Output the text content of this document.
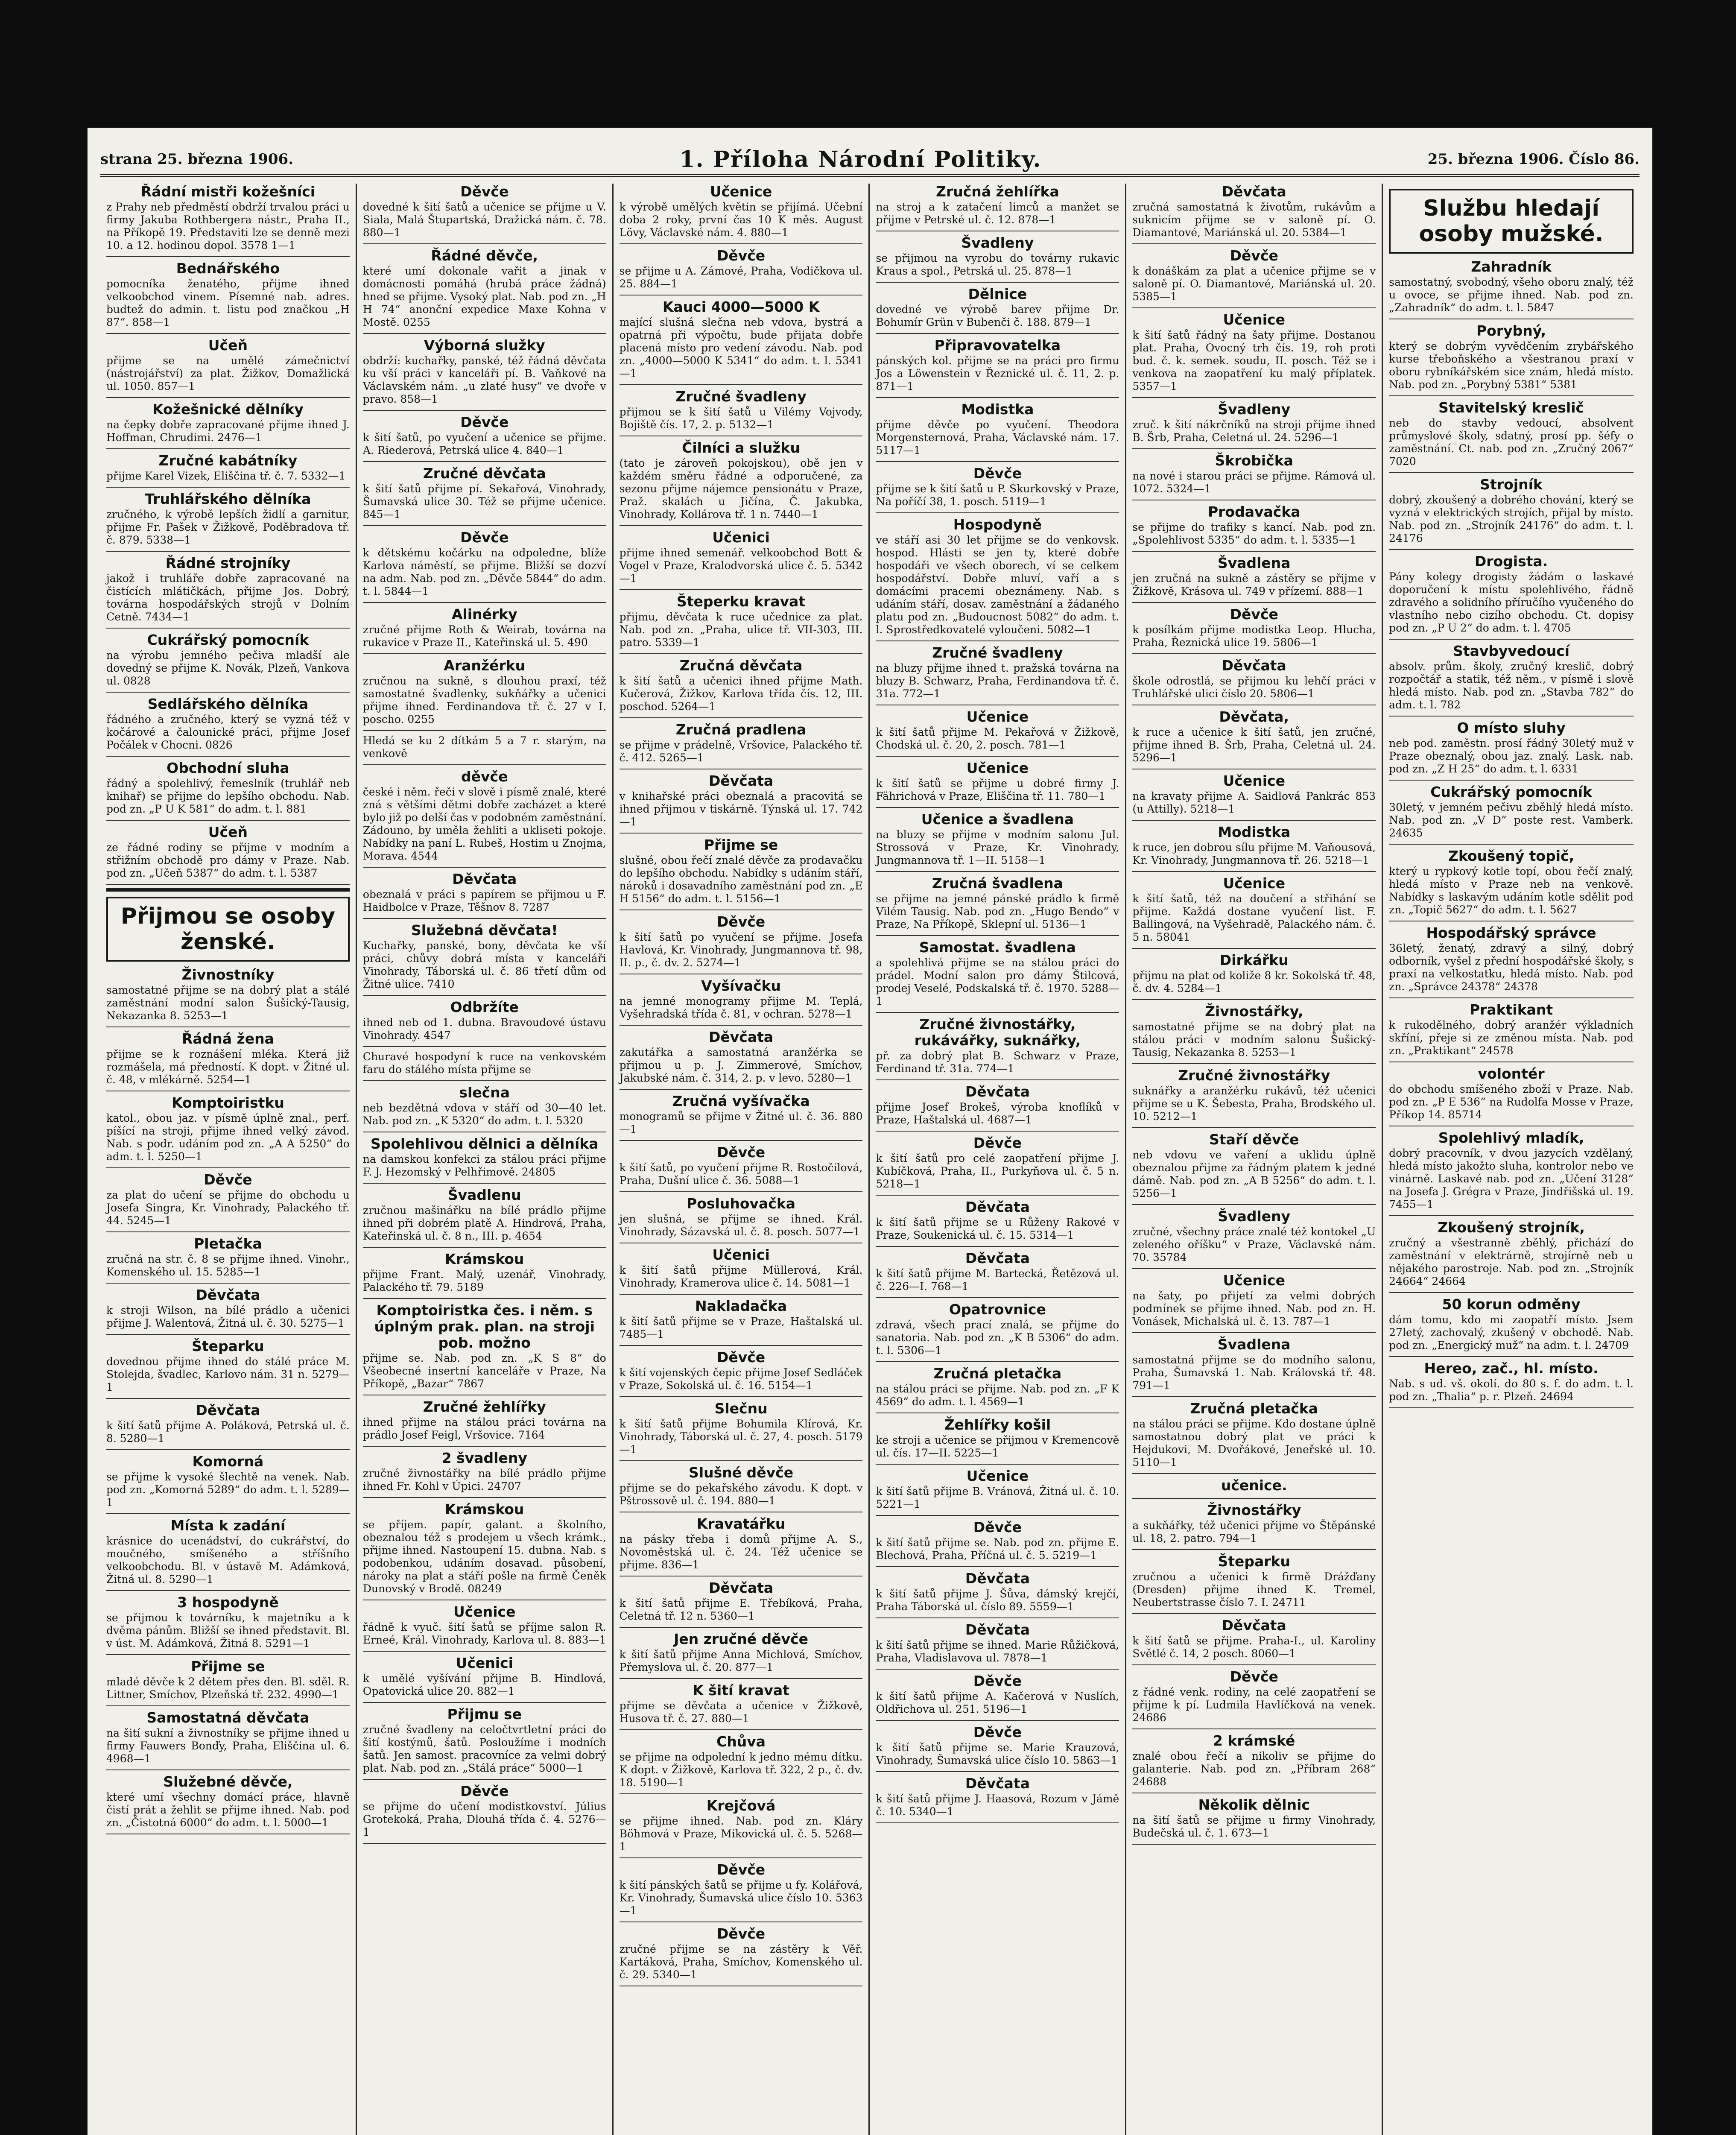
strana 25. března 1906.	1. Příloha Národní Politiky.	25. března 1906. Číslo 86.
Řádní mistři kožešníci

z Prahy neb předměstí obdrží trvalou práci u firmy Jakuba Rothbergera nástr., Praha II., na Příkopě 19. Představiti lze se denně mezi 10. a 12. hodinou dopol. 3578 1—1

Bednářského

pomocníka ženatého, přijme ihned velkoobchod vinem. Písemné nab. adres. budtež do admin. t. listu pod značkou „H 87“. 858—1

Učeň

přijme se na umělé zámečnictví (nástrojářství) za plat. Žižkov, Domažlická ul. 1050. 857—1

Kožešnické dělníky

na čepky dobře zapracované přijme ihned J. Hoffman, Chrudimi. 2476—1

Zručné kabátníky

přijme Karel Vizek, Eliščina tř. č. 7. 5332—1

Truhlářského dělníka

zručného, k výrobě lepších židlí a garnitur, přijme Fr. Pašek v Žižkově, Poděbradova tř. č. 879. 5338—1

Řádné strojníky

jakož i truhláře dobře zapracované na čistících mlátičkách, přijme Jos. Dobrý, továrna hospodářských strojů v Dolním Cetně. 7434—1

Cukrářský pomocník

na výrobu jemného pečiva mladší ale dovedný se přijme K. Novák, Plzeň, Vankova ul. 0828

Sedlářského dělníka

řádného a zručného, který se vyzná též v kočárové a čalounické práci, přijme Josef Počálek v Chocni. 0826

Obchodní sluha

řádný a spolehlivý, řemeslník (truhlář neb knihař) se přijme do lepšího obchodu. Nab. pod zn. „P U K 581“ do adm. t. l. 881

Učeň

ze řádné rodiny se přijme v modním a střižním obchodě pro dámy v Praze. Nab. pod zn. „Učeň 5387“ do adm. t. l. 5387

Přijmou se osoby ženské.
Živnostníky

samostatné přijme se na dobrý plat a stálé zaměstnání modní salon Šušický-Tausig, Nekazanka 8. 5253—1

Řádná žena

přijme se k roznášení mléka. Která již rozmášela, má předností. K dopt. v Žitné ul. č. 48, v mlékárně. 5254—1

Komptoiristku

katol., obou jaz. v písmě úplně znal., perf. píšící na stroji, přijme ihned velký závod. Nab. s podr. udáním pod zn. „A A 5250“ do adm. t. l. 5250—1

Děvče

za plat do učení se přijme do obchodu u Josefa Singra, Kr. Vinohrady, Palackého tř. 44. 5245—1

Pletačka

zručná na str. č. 8 se přijme ihned. Vinohr., Komenského ul. 15. 5285—1

Děvčata

k stroji Wilson, na bílé prádlo a učenici přijme J. Walentová, Žitná ul. č. 30. 5275—1

Šteparku

dovednou přijme ihned do stálé práce M. Stolejda, švadlec, Karlovo nám. 31 n. 5279—1

Děvčata

k šití šatů přijme A. Poláková, Petrská ul. č. 8. 5280—1

Komorná

se přijme k vysoké šlechtě na venek. Nab. pod zn. „Komorná 5289“ do adm. t. l. 5289—1

Místa k zadání

krásnice do ucenádství, do cukrářství, do moučného, smíšeného a stříšního velkoobchodu. Bl. v ústavě M. Adámková, Žitná ul. 8. 5290—1

3 hospodyně

se přijmou k továrníku, k majetníku a k dvěma pánům. Bližší se ihned představit. Bl. v úst. M. Adámková, Žitná 8. 5291—1

Přijme se

mladé děvče k 2 dětem přes den. Bl. sděl. R. Littner, Smíchov, Plzeňská tř. 232. 4990—1

Samostatná děvčata

na šití sukní a živnostníky se přijme ihned u firmy Fauwers Bonďy, Praha, Eliščina ul. 6. 4968—1

Služebné děvče,

které umí všechny domácí práce, hlavně čistí prát a žehlit se přijme ihned. Nab. pod zn. „Čistotná 6000“ do adm. t. l. 5000—1

Děvče

dovedné k šití šatů a učenice se přijme u V. Siala, Malá Štupartská, Dražická nám. č. 78. 880—1

Řádné děvče,

které umí dokonale vařit a jinak v domácnosti pomáhá (hrubá práce žádná) hned se přijme. Vysoký plat. Nab. pod zn. „H H 74“ anonční expedice Maxe Kohna v Mostě. 0255

Výborná služky

obdrží: kuchařky, panské, též řádná děvčata ku vší práci v kanceláři pí. B. Vaňkové na Václavském nám. „u zlaté husy“ ve dvoře v pravo. 858—1

Děvče

k šití šatů, po vyučení a učenice se přijme. A. Riederová, Petrská ulice 4. 840—1

Zručné děvčata

k šití šatů přijme pí. Sekařová, Vinohrady, Šumavská ulice 30. Též se přijme učenice. 845—1

Děvče

k dětskému kočárku na odpoledne, blíže Karlova náměstí, se přijme. Bližší se dozví na adm. Nab. pod zn. „Děvče 5844“ do adm. t. l. 5844—1

Alinérky

zručné přijme Roth & Weirab, továrna na rukavice v Praze II., Kateřinská ul. 5. 490

Aranžérku

zručnou na sukně, s dlouhou praxí, též samostatné švadlenky, sukňářky a učenici přijme ihned. Ferdinandova tř. č. 27 v I. poscho. 0255

Hledá se ku 2 dítkám 5 a 7 r. starým, na venkově

děvče

české i něm. řeči v slově i písmě znalé, které zná s většími dětmi dobře zacházet a které bylo již po delší čas v podobném zaměstnání. Zádouno, by uměla žehliti a ukliseti pokoje. Nabídky na paní L. Rubeš, Hostim u Znojma, Morava. 4544

Děvčata

obeznalá v práci s papírem se přijmou u F. Haidbolce v Praze, Těšnov 8. 7287

Služebná děvčata!

Kuchařky, panské, bony, děvčata ke vší práci, chůvy dobrá místa v kanceláři Vinohrady, Táborská ul. č. 86 třetí dům od Žitné ulice. 7410

Odbržíte

ihned neb od 1. dubna. Bravoudové ústavu Vinohrady. 4547

Churavé hospodyní k ruce na venkovském faru do stálého místa přijme se

slečna

neb bezdětná vdova v stáří od 30—40 let. Nab. pod zn. „K 5320“ do adm. t. l. 5320

Spolehlivou dělnici a dělníka

na damskou konfekci za stálou práci přijme F. J. Hezomský v Pelhřimově. 24805

Švadlenu

zručnou mašinářku na bílé prádlo přijme ihned při dobrém platě A. Hindrová, Praha, Kateřinská ul. č. 8 n., III. p. 4654

Krámskou

přijme Frant. Malý, uzenář, Vinohrady, Palackého tř. 79. 5189

Komptoiristka čes. i něm. s úplným prak. plan. na stroji pob. možno

přijme se. Nab. pod zn. „K S 8“ do Všeobecné insertní kanceláře v Praze, Na Příkopě, „Bazar“ 7867

Zručné žehlířky

ihned přijme na stálou práci továrna na prádlo Josef Feigl, Vršovice. 7164

2 švadleny

zručné živnostářky na bílé prádlo přijme ihned Fr. Kohl v Úpici. 24707

Krámskou

se příjem. papír, galant. a školního, obeznalou též s prodejem u všech krámk., přijme ihned. Nastoupení 15. dubna. Nab. s podobenkou, udáním dosavad. působení, nároky na plat a stáří pošle na firmě Čeněk Dunovský v Brodě. 08249

Učenice

řádně k vyuč. šití šatů se příjme salon R. Erneé, Král. Vinohrady, Karlova ul. 8. 883—1

Učenici

k umělé vyšívání přijme B. Hindlová, Opatovická ulice 20. 882—1

Přijmu se

zručné švadleny na celočtvrtletní práci do šití kostýmů, šatů. Posloužíme i modních šatů. Jen samost. pracovníce za velmi dobrý plat. Nab. pod zn. „Stálá práce“ 5000—1

Děvče

se přijme do učení modistkovství. Július Grotekoká, Praha, Dlouhá třída č. 4. 5276—1

Učenice

k výrobě umělých květin se přijímá. Učební doba 2 roky, první čas 10 K měs. August Lövy, Václavské nám. 4. 880—1

Děvče

se přijme u A. Zámové, Praha, Vodičkova ul. 25. 884—1

Kauci 4000—5000 K

mající slušná slečna neb vdova, bystrá a opatrná při výpočtu, bude přijata dobře placená místo pro vedení závodu. Nab. pod zn. „4000—5000 K 5341“ do adm. t. l. 5341—1

Zručné švadleny

přijmou se k šití šatů u Vilémy Vojvody, Bojiště čís. 17, 2. p. 5132—1

Čilníci a služku

(tato je zároveň pokojskou), obě jen v každém směru řádné a odporučené, za sezonu přijme nájemce pensionátu v Praze, Praž. skalách u Jičína, Č. Jakubka, Vinohrady, Kollárova tř. 1 n. 7440—1

Učenici

přijme ihned semenář. velkoobchod Bott & Vogel v Praze, Kralodvorská ulice č. 5. 5342—1

Šteperku kravat

přijmu, děvčata k ruce učednice za plat. Nab. pod zn. „Praha, ulice tř. VII-303, III. patro. 5339—1

Zručná děvčata

k šití šatů a učenici ihned přijme Math. Kučerová, Žižkov, Karlova třída čís. 12, III. poschod. 5264—1

Zručná pradlena

se přijme v prádelně, Vršovice, Palackého tř. č. 412. 5265—1

Děvčata

v knihařské práci obeznalá a pracovitá se ihned přijmou v tiskárně. Týnská ul. 17. 742—1

Přijme se

slušné, obou řečí znalé děvče za prodavačku do lepšího obchodu. Nabídky s udáním stáří, nároků i dosavadního zaměstnání pod zn. „E H 5156“ do adm. t. l. 5156—1

Děvče

k šití šatů po vyučení se přijme. Josefa Havlová, Kr. Vinohrady, Jungmannova tř. 98, II. p., č. dv. 2. 5274—1

Vyšívačku

na jemné monogramy přijme M. Teplá, Vyšehradská třída č. 81, v ochran. 5278—1

Děvčata

zakutářka a samostatná aranžérka se přijmou u p. J. Zimmerové, Smíchov, Jakubské nám. č. 314, 2. p. v levo. 5280—1

Zručná vyšívačka

monogramů se přijme v Žitné ul. č. 36. 880—1

Děvče

k šití šatů, po vyučení přijme R. Rostočilová, Praha, Dušní ulice č. 36. 5088—1

Posluhovačka

jen slušná, se přijme se ihned. Král. Vinohrady, Sázavská ul. č. 8. posch. 5077—1

Učenici

k šití šatů přijme Müllerová, Král. Vinohrady, Kramerova ulice č. 14. 5081—1

Nakladačka

k šití šatů přijme se v Praze, Haštalská ul. 7485—1

Děvče

k šití vojenských čepic přijme Josef Sedláček v Praze, Sokolská ul. č. 16. 5154—1

Slečnu

k šití šatů přijme Bohumila Klírová, Kr. Vinohrady, Táborská ul. č. 27, 4. posch. 5179—1

Slušné děvče

přijme se do pekařského závodu. K dopt. v Pštrossově ul. č. 194. 880—1

Kravatářku

na pásky třeba i domů přijme A. S., Novoměstská ul. č. 24. Též učenice se přijme. 836—1

Děvčata

k šití šatů přijme E. Třebíková, Praha, Celetná tř. 12 n. 5360—1

Jen zručné děvče

k šití šatů přijme Anna Michlová, Smíchov, Přemyslova ul. č. 20. 877—1

K šití kravat

přijme se děvčata a učenice v Žižkově, Husova tř. č. 27. 880—1

Chůva

se přijme na odpolední k jedno mému dítku. K dopt. v Žižkově, Karlova tř. 322, 2 p., č. dv. 18. 5190—1

Krejčová

se přijme ihned. Nab. pod zn. Kláry Böhmová v Praze, Mikovická ul. č. 5. 5268—1

Děvče

k šití pánských šatů se přijme u fy. Kolářová, Kr. Vinohrady, Šumavská ulice číslo 10. 5363—1

Děvče

zručné přijme se na zástěry k Věř. Kartáková, Praha, Smíchov, Komenského ul. č. 29. 5340—1

Zručná žehlířka

na stroj a k zatačení limců a manžet se přijme v Petrské ul. č. 12. 878—1

Švadleny

se přijmou na vyrobu do továrny rukavic Kraus a spol., Petrská ul. 25. 878—1

Dělnice

dovedné ve výrobě barev přijme Dr. Bohumír Grün v Bubenči č. 188. 879—1

Připravovatelka

pánských kol. přijme se na práci pro firmu Jos a Löwenstein v Řeznické ul. č. 11, 2. p. 871—1

Modistka

přijme děvče po vyučení. Theodora Morgensternová, Praha, Václavské nám. 17. 5117—1

Děvče

přijme se k šití šatů u P. Skurkovský v Praze, Na poříčí 38, 1. posch. 5119—1

Hospodyně

ve stáří asi 30 let přijme se do venkovsk. hospod. Hlásti se jen ty, které dobře hospodáři ve všech oborech, ví se celkem hospodářství. Dobře mluví, vaří a s domácími pracemi obeznámeny. Nab. s udáním stáří, dosav. zaměstnání a žádaného platu pod zn. „Budoucnost 5082“ do adm. t. l. Sprostředkovatelé vyloučeni. 5082—1

Zručné švadleny

na bluzy přijme ihned t. pražská továrna na bluzy B. Schwarz, Praha, Ferdinandova tř. č. 31a. 772—1

Učenice

k šití šatů přijme M. Pekařová v Žižkově, Chodská ul. č. 20, 2. posch. 781—1

Učenice

k šití šatů se přijme u dobré firmy J. Fährichová v Praze, Eliščina tř. 11. 780—1

Učenice a švadlena

na bluzy se přijme v modním salonu Jul. Strossová v Praze, Kr. Vinohrady, Jungmannova tř. 1—II. 5158—1

Zručná švadlena

se přijme na jemné pánské prádlo k firmě Vilém Tausig. Nab. pod zn. „Hugo Bendo“ v Praze, Na Příkopě, Sklepní ul. 5136—1

Samostat. švadlena

a spolehlivá přijme se na stálou práci do prádel. Modní salon pro dámy Štilcová, prodej Veselé, Podskalská tř. č. 1970. 5288—1

Zručné živnostářky, rukávářky, suknářky,

př. za dobrý plat B. Schwarz v Praze, Ferdinand tř. 31a. 774—1

Děvčata

přijme Josef Brokeš, výroba knoflíků v Praze, Haštalská ul. 4687—1

Děvče

k šití šatů pro celé zaopatření přijme J. Kubíčková, Praha, II., Purkyňova ul. č. 5 n. 5218—1

Děvčata

k šití šatů přijme se u Růženy Rakové v Praze, Soukenická ul. č. 15. 5314—1

Děvčata

k šití šatů přijme M. Bartecká, Řetězová ul. č. 226—I. 768—1

Opatrovnice

zdravá, všech prací znalá, se přijme do sanatoria. Nab. pod zn. „K B 5306“ do adm. t. l. 5306—1

Zručná pletačka

na stálou práci se přijme. Nab. pod zn. „F K 4569“ do adm. t. l. 4569—1

Žehlířky košil

ke stroji a učenice se přijmou v Kremencově ul. čís. 17—II. 5225—1

Učenice

k šití šatů přijme B. Vránová, Žitná ul. č. 10. 5221—1

Děvče

k šití šatů přijme se. Nab. pod zn. přijme E. Blechová, Praha, Příčná ul. č. 5. 5219—1

Děvčata

k šití šatů přijme J. Šůva, dámský krejčí, Praha Táborská ul. číslo 89. 5559—1

Děvčata

k šití šatů přijme se ihned. Marie Růžičková, Praha, Vladislavova ul. 7878—1

Děvče

k šití šatů přijme A. Kačerová v Nuslích, Oldřichova ul. 251. 5196—1

Děvče

k šití šatů přijme se. Marie Krauzová, Vinohrady, Šumavská ulice číslo 10. 5863—1

Děvčata

k šití šatů přijme J. Haasová, Rozum v Jámě č. 10. 5340—1

Děvčata

zručná samostatná k životům, rukávům a suknicím přijme se v saloně pí. O. Diamantové, Mariánská ul. 20. 5384—1

Děvče

k donáškám za plat a učenice přijme se v saloně pí. O. Diamantové, Mariánská ul. 20. 5385—1

Učenice

k šití šatů řádný na šaty přijme. Dostanou plat. Praha, Ovocný trh čís. 19, roh proti bud. č. k. semek. soudu, II. posch. Též se i venkova na zaopatření ku malý příplatek. 5357—1

Švadleny

zruč. k šití nákrčníků na stroji přijme ihned B. Šrb, Praha, Celetná ul. 24. 5296—1

Škrobička

na nové i starou práci se přijme. Rámová ul. 1072. 5324—1

Prodavačka

se přijme do trafiky s kancí. Nab. pod zn. „Spolehlivost 5335“ do adm. t. l. 5335—1

Švadlena

jen zručná na sukně a zástěry se přijme v Žižkově, Krásova ul. 749 v přízemí. 888—1

Děvče

k posílkám přijme modistka Leop. Hlucha, Praha, Řeznická ulice 19. 5806—1

Děvčata

škole odrostlá, se přijmou ku lehčí práci v Truhlářské ulici číslo 20. 5806—1

Děvčata,

k ruce a učenice k šití šatů, jen zručné, přijme ihned B. Šrb, Praha, Celetná ul. 24. 5296—1

Učenice

na kravaty přijme A. Saidlová Pankrác 853 (u Attilly). 5218—1

Modistka

k ruce, jen dobrou sílu přijme M. Vaňousová, Kr. Vinohrady, Jungmannova tř. 26. 5218—1

Učenice

k šití šatů, též na doučení a střihání se přijme. Každá dostane vyučení list. F. Ballingová, na Vyšehradě, Palackého nám. č. 5 n. 58041

Dirkářku

přijmu na plat od koliže 8 kr. Sokolská tř. 48, č. dv. 4. 5284—1

Živnostářky,

samostatné přijme se na dobrý plat na stálou práci v modním salonu Šušický-Tausig, Nekazanka 8. 5253—1

Zručné živnostářky

suknářky a aranžérku rukávů, též učenici přijme se u K. Šebesta, Praha, Brodského ul. 10. 5212—1

Staří děvče

neb vdovu ve vaření a uklidu úplně obeznalou přijme za řádným platem k jedné dámě. Nab. pod zn. „A B 5256“ do adm. t. l. 5256—1

Švadleny

zručné, všechny práce znalé též kontokel „U zeleného oříšku“ v Praze, Václavské nám. 70. 35784

Učenice

na šaty, po přijetí za velmi dobrých podmínek se přijme ihned. Nab. pod zn. H. Vonásek, Michalská ul. č. 13. 787—1

Švadlena

samostatná přijme se do modního salonu, Praha, Šumavská 1. Nab. Královská tř. 48. 791—1

Zručná pletačka

na stálou práci se přijme. Kdo dostane úplně samostatnou dobrý plat ve práci k Hejdukovi, M. Dvořákové, Jeneřské ul. 10. 5110—1

učenice.
Živnostářky

a sukňářky, též učenici přijme vo Štěpánské ul. 18, 2. patro. 794—1

Šteparku

zručnou a učenici k firmě Drážďany (Dresden) přijme ihned K. Tremel, Neubertstrasse číslo 7. I. 24711

Děvčata

k šití šatů se přijme. Praha-I., ul. Karoliny Světlé č. 14, 2 posch. 8060—1

Děvče

z řádné venk. rodiny, na celé zaopatření se přijme k pí. Ludmila Havlíčková na venek. 24686

2 krámské

znalé obou řečí a nikoliv se přijme do galanterie. Nab. pod zn. „Příbram 268“ 24688

Několik dělnic

na šití šatů se přijme u firmy Vinohrady, Budečská ul. č. 1. 673—1

Službu hledají osoby mužské.
Zahradník

samostatný, svobodný, všeho oboru znalý, též u ovoce, se přijme ihned. Nab. pod zn. „Zahradník“ do adm. t. l. 5847

Porybný,

který se dobrým vyvědčením zrybářského kurse třeboňského a všestranou praxí v oboru rybníkářském sice znám, hledá místo. Nab. pod zn. „Porybný 5381“ 5381

Stavitelský kreslič

neb do stavby vedoucí, absolvent průmyslové školy, sdatný, prosí pp. šéfy o zaměstnání. Ct. nab. pod zn. „Zručný 2067“ 7020

Strojník

dobrý, zkoušený a dobrého chování, který se vyzná v elektrických strojích, přijal by místo. Nab. pod zn. „Strojník 24176“ do adm. t. l. 24176

Drogista.

Pány kolegy drogisty žádám o laskavé doporučení k místu spolehlivého, řádně zdravého a solidního příručího vyučeného do vlastního nebo cizího obchodu. Ct. dopisy pod zn. „P U 2“ do adm. t. l. 4705

Stavbyvedoucí

absolv. prům. školy, zručný kreslič, dobrý rozpočtář a statik, též něm., v písmě i slově hledá místo. Nab. pod zn. „Stavba 782“ do adm. t. l. 782

O místo sluhy

neb pod. zaměstn. prosí řádný 30letý muž v Praze obeznalý, obou jaz. znalý. Lask. nab. pod zn. „Z H 25“ do adm. t. l. 6331

Cukrářský pomocník

30letý, v jemném pečivu zběhlý hledá místo. Nab. pod zn. „V D“ poste rest. Vamberk. 24635

Zkoušený topič,

který u rypkový kotle topí, obou řečí znalý, hledá místo v Praze neb na venkově. Nabídky s laskavým udáním kotle sdělit pod zn. „Topič 5627“ do adm. t. l. 5627

Hospodářský správce

36letý, ženatý, zdravý a silný, dobrý odborník, vyšel z přední hospodářské školy, s praxí na velkostatku, hledá místo. Nab. pod zn. „Správce 24378“ 24378

Praktikant

k rukodělného, dobrý aranžér výkladních skříní, přeje si ze změnou místa. Nab. pod zn. „Praktikant“ 24578

volontér

do obchodu smíšeného zboží v Praze. Nab. pod zn. „P E 536“ na Rudolfa Mosse v Praze, Příkop 14. 85714

Spolehlivý mladík,

dobrý pracovník, v dvou jazycích vzdělaný, hledá místo jakožto sluha, kontrolor nebo ve vinárně. Laskavé nab. pod zn. „Učení 3128“ na Josefa J. Grégra v Praze, Jindřišská ul. 19. 7455—1

Zkoušený strojník,

zručný a všestranně zběhlý, přichází do zaměstnání v elektrárně, strojírně neb u nějakého parostroje. Nab. pod zn. „Strojník 24664“ 24664

50 korun odměny

dám tomu, kdo mi zaopatří místo. Jsem 27letý, zachovalý, zkušený v obchodě. Nab. pod zn. „Energický muž“ na adm. t. l. 24709

Hereo, zač., hl. místo.

Nab. s ud. vš. okolí. do 80 s. f. do adm. t. l. pod zn. „Thalia“ p. r. Plzeň. 24694
